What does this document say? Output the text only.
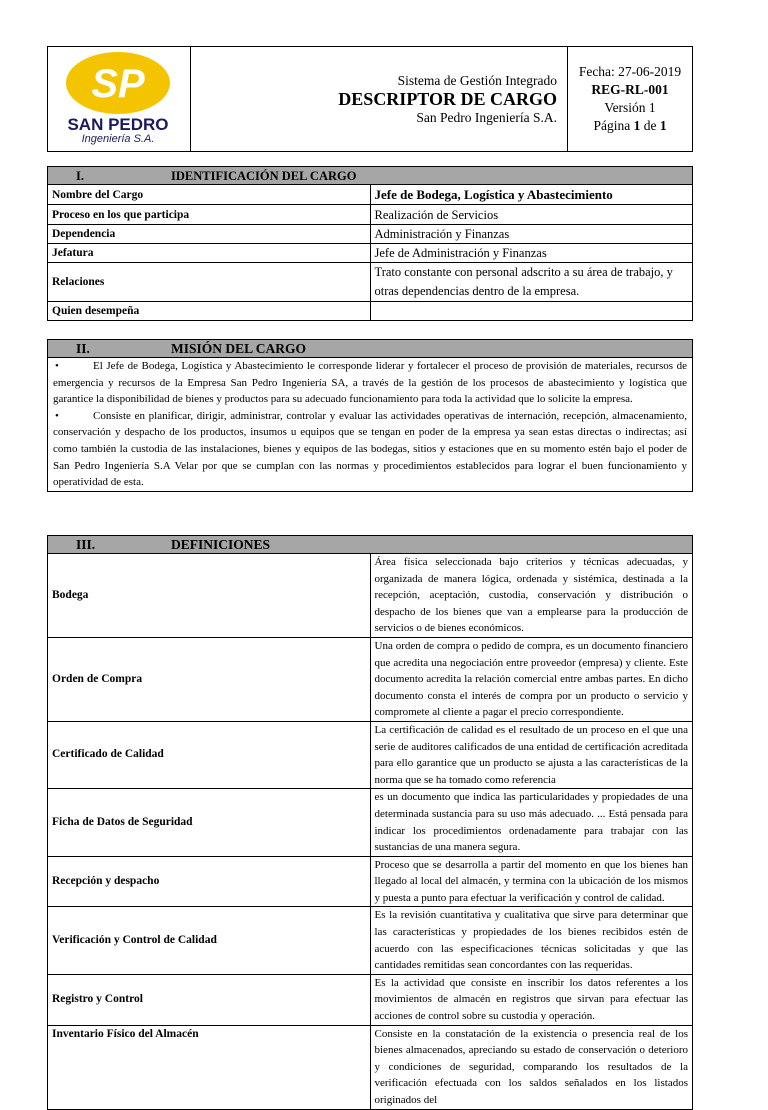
SP
SAN PEDRO
Ingeniería S.A.

Sistema de Gestión Integrado
DESCRIPTOR DE CARGO
San Pedro Ingeniería S.A.

Fecha: 27-06-2019
REG-RL-001
Versión 1
Página 1 de 1
I. IDENTIFICACIÓN DEL CARGO	
Nombre del Cargo	Jefe de Bodega, Logística y Abastecimiento
Proceso en los que participa	Realización de Servicios
Dependencia	Administración y Finanzas
Jefatura	Jefe de Administración y Finanzas
Relaciones	Trato constante con personal adscrito a su área de trabajo, y otras dependencias dentro de la empresa.
Quien desempeña	
II.	MISIÓN DEL CARGO

•	El Jefe de Bodega, Logística y Abastecimiento le corresponde liderar y fortalecer el proceso de provisión de materiales, recursos de emergencia y recursos de la Empresa San Pedro Ingeniería SA, a través de la gestión de los procesos de abastecimiento y logística que garantice la disponibilidad de bienes y productos para su adecuado funcionamiento para toda la actividad que lo solicite la empresa.
•	Consiste en planificar, dirigir, administrar, controlar y evaluar las actividades operativas de internación, recepción, almacenamiento, conservación y despacho de los productos, insumos u equipos que se tengan en poder de la empresa ya sean estas directas o indirectas; así como también la custodia de las instalaciones, bienes y equipos de las bodegas, sitios y estaciones que en su momento estén bajo el poder de San Pedro Ingeniería S.A Velar por que se cumplan con las normas y procedimientos establecidos para lograr el buen funcionamiento y operatividad de esta.
III. DEFINICIONES	
Bodega	Área física seleccionada bajo criterios y técnicas adecuadas, y organizada de manera lógica, ordenada y sistémica, destinada a la recepción, aceptación, custodia, conservación y distribución o despacho de los bienes que van a emplearse para la producción de servicios o de bienes económicos.
Orden de Compra	Una orden de compra o pedido de compra, es un documento financiero que acredita una negociación entre proveedor (empresa) y cliente. Este documento acredita la relación comercial entre ambas partes. En dicho documento consta el interés de compra por un producto o servicio y compromete al cliente a pagar el precio correspondiente.
Certificado de Calidad	La certificación de calidad es el resultado de un proceso en el que una serie de auditores calificados de una entidad de certificación acreditada para ello garantice que un producto se ajusta a las características de la norma que se ha tomado como referencia
Ficha de Datos de Seguridad	es un documento que indica las particularidades y propiedades de una determinada sustancia para su uso más adecuado. ... Está pensada para indicar los procedimientos ordenadamente para trabajar con las sustancias de una manera segura.
Recepción y despacho	Proceso que se desarrolla a partir del momento en que los bienes han llegado al local del almacén, y termina con la ubicación de los mismos y puesta a punto para efectuar la verificación y control de calidad.
Verificación y Control de Calidad	Es la revisión cuantitativa y cualitativa que sirve para determinar que las características y propiedades de los bienes recibidos estén de acuerdo con las especificaciones técnicas solicitadas y que las cantidades remitidas sean concordantes con las requeridas.
Registro y Control	Es la actividad que consiste en inscribir los datos referentes a los movimientos de almacén en registros que sirvan para efectuar las acciones de control sobre su custodia y operación.
Inventario Físico del Almacén	Consiste en la constatación de la existencia o presencia real de los bienes almacenados, apreciando su estado de conservación o deterioro y condiciones de seguridad, comparando los resultados de la verificación efectuada con los saldos señalados en los listados originados del
